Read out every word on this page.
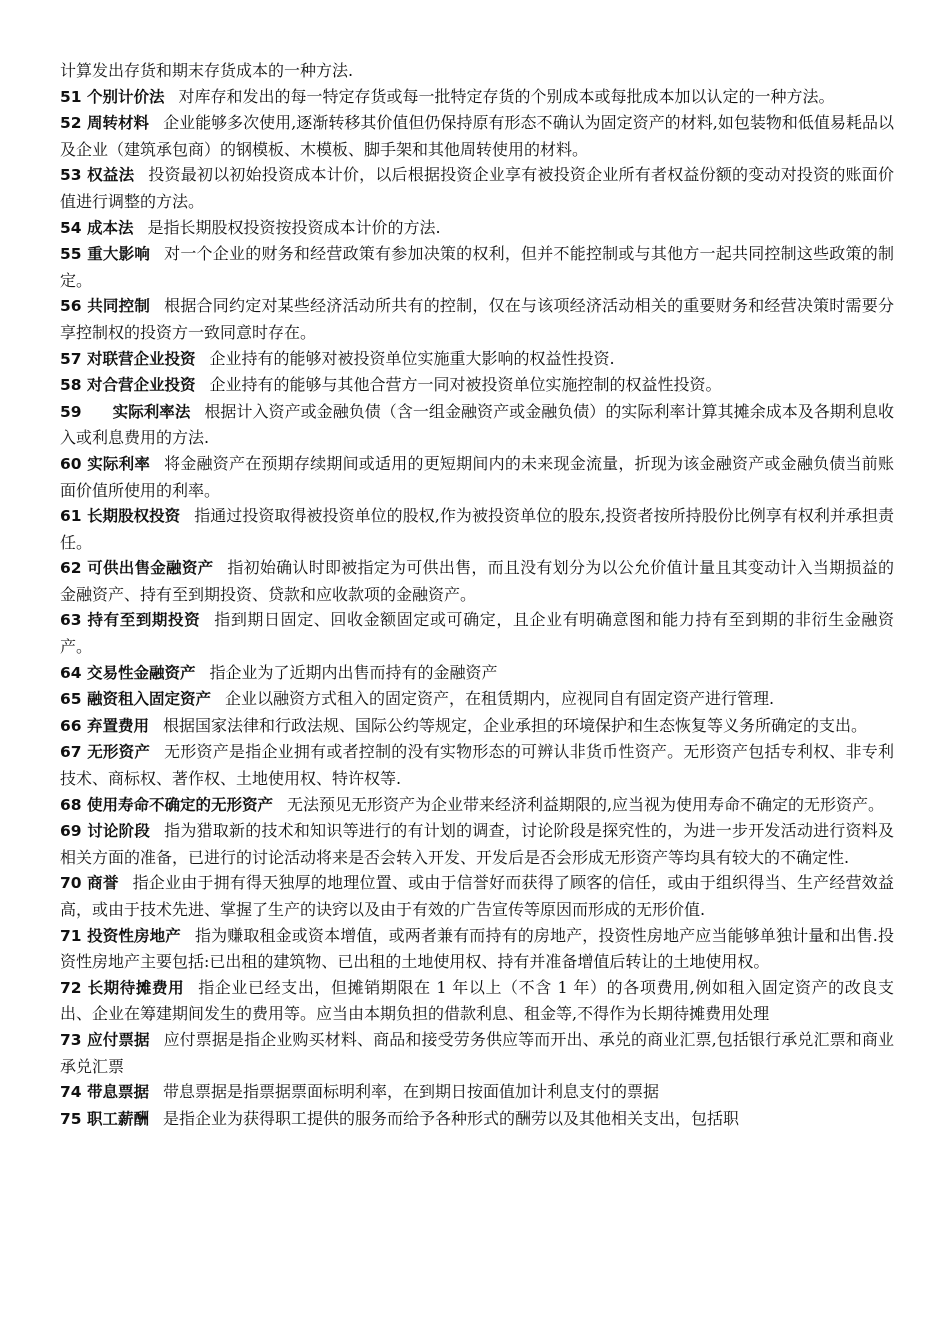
计算发出存货和期末存货成本的一种方法.

51 个别计价法 对库存和发出的每一特定存货或每一批特定存货的个别成本或每批成本加以认定的一种方法。

52 周转材料 企业能够多次使用,逐渐转移其价值但仍保持原有形态不确认为固定资产的材料,如包装物和低值易耗品以及企业（建筑承包商）的钢模板、木模板、脚手架和其他周转使用的材料。

53 权益法 投资最初以初始投资成本计价，以后根据投资企业享有被投资企业所有者权益份额的变动对投资的账面价值进行调整的方法。

54 成本法 是指长期股权投资按投资成本计价的方法.

55 重大影响 对一个企业的财务和经营政策有参加决策的权利，但并不能控制或与其他方一起共同控制这些政策的制定。

56 共同控制 根据合同约定对某些经济活动所共有的控制，仅在与该项经济活动相关的重要财务和经营决策时需要分享控制权的投资方一致同意时存在。

57 对联营企业投资 企业持有的能够对被投资单位实施重大影响的权益性投资.

58 对合营企业投资 企业持有的能够与其他合营方一同对被投资单位实施控制的权益性投资。

59　　实际利率法 根据计入资产或金融负债（含一组金融资产或金融负债）的实际利率计算其摊余成本及各期利息收入或利息费用的方法.

60 实际利率 将金融资产在预期存续期间或适用的更短期间内的未来现金流量，折现为该金融资产或金融负债当前账面价值所使用的利率。

61 长期股权投资 指通过投资取得被投资单位的股权,作为被投资单位的股东,投资者按所持股份比例享有权利并承担责任。

62 可供出售金融资产 指初始确认时即被指定为可供出售，而且没有划分为以公允价值计量且其变动计入当期损益的金融资产、持有至到期投资、贷款和应收款项的金融资产。

63 持有至到期投资 指到期日固定、回收金额固定或可确定，且企业有明确意图和能力持有至到期的非衍生金融资产。

64 交易性金融资产 指企业为了近期内出售而持有的金融资产

65 融资租入固定资产 企业以融资方式租入的固定资产，在租赁期内，应视同自有固定资产进行管理.

66 弃置费用 根据国家法律和行政法规、国际公约等规定，企业承担的环境保护和生态恢复等义务所确定的支出。

67 无形资产 无形资产是指企业拥有或者控制的没有实物形态的可辨认非货币性资产。无形资产包括专利权、非专利技术、商标权、著作权、土地使用权、特许权等.

68 使用寿命不确定的无形资产 无法预见无形资产为企业带来经济利益期限的,应当视为使用寿命不确定的无形资产。

69 讨论阶段 指为猎取新的技术和知识等进行的有计划的调查，讨论阶段是探究性的，为进一步开发活动进行资料及相关方面的准备，已进行的讨论活动将来是否会转入开发、开发后是否会形成无形资产等均具有较大的不确定性.

70 商誉 指企业由于拥有得天独厚的地理位置、或由于信誉好而获得了顾客的信任，或由于组织得当、生产经营效益高，或由于技术先进、掌握了生产的诀窍以及由于有效的广告宣传等原因而形成的无形价值.

71 投资性房地产 指为赚取租金或资本增值，或两者兼有而持有的房地产，投资性房地产应当能够单独计量和出售.投资性房地产主要包括:已出租的建筑物、已出租的土地使用权、持有并准备增值后转让的土地使用权。

72 长期待摊费用 指企业已经支出，但摊销期限在 1 年以上（不含 1 年）的各项费用,例如租入固定资产的改良支出、企业在筹建期间发生的费用等。应当由本期负担的借款利息、租金等,不得作为长期待摊费用处理

73 应付票据 应付票据是指企业购买材料、商品和接受劳务供应等而开出、承兑的商业汇票,包括银行承兑汇票和商业承兑汇票

74 带息票据 带息票据是指票据票面标明利率，在到期日按面值加计利息支付的票据

75 职工薪酬 是指企业为获得职工提供的服务而给予各种形式的酬劳以及其他相关支出，包括职
